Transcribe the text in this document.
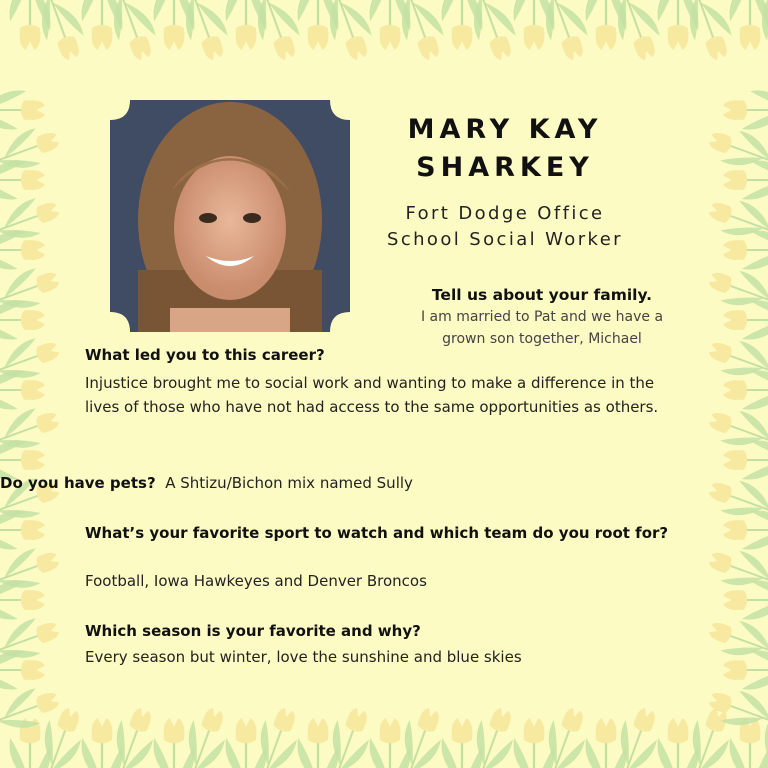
MARY KAY
SHARKEY
Fort Dodge Office
School Social Worker
Tell us about your family.
I am married to Pat and we have a
grown son together, Michael
What led you to this career?
Injustice brought me to social work and wanting to make a difference in the lives of those who have not had access to the same opportunities as others.
Do you have pets? A Shtizu/Bichon mix named Sully
What’s your favorite sport to watch and which team do you root for?
Football, Iowa Hawkeyes and Denver Broncos
Which season is your favorite and why?
Every season but winter, love the sunshine and blue skies
